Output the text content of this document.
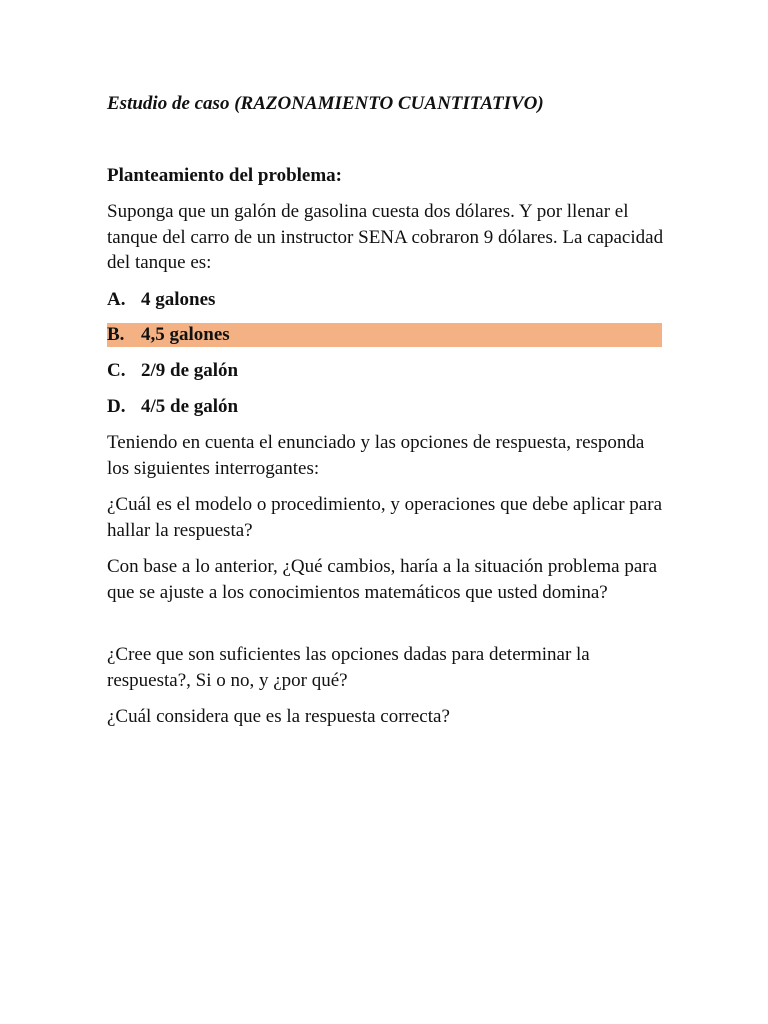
Estudio de caso (RAZONAMIENTO CUANTITATIVO)
Planteamiento del problema:
Suponga que un galón de gasolina cuesta dos dólares. Y por llenar el tanque del carro de un instructor SENA cobraron 9 dólares. La capacidad del tanque es:
A. 4 galones
B. 4,5 galones
C. 2/9 de galón
D. 4/5 de galón
Teniendo en cuenta el enunciado y las opciones de respuesta, responda los siguientes interrogantes:
¿Cuál es el modelo o procedimiento, y operaciones que debe aplicar para hallar la respuesta?
Con base a lo anterior, ¿Qué cambios, haría a la situación problema para que se ajuste a los conocimientos matemáticos que usted domina?
¿Cree que son suficientes las opciones dadas para determinar la respuesta?, Si o no, y ¿por qué?
¿Cuál considera que es la respuesta correcta?
